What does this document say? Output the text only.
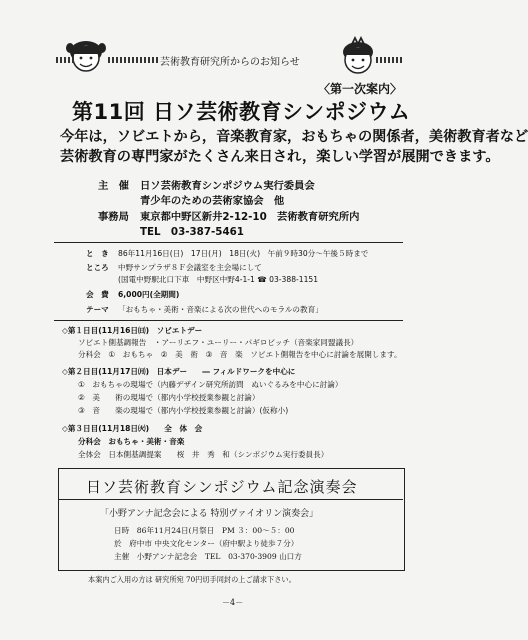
芸術教育研究所からのお知らせ
第11回 日ソ芸術教育シンポジウム
〈第一次案内〉
今年は，ソビエトから，音楽教育家，おもちゃの関係者，美術教育者など
芸術教育の専門家がたくさん来日され，楽しい学習が展開できます。
主　催 日ソ芸術教育シンポジウム実行委員会
青少年のための芸術家協会　他
事務局 東京都中野区新井2-12-10　芸術教育研究所内
TEL　03-387-5461
と　き 86年11月16日(日)　17日(月)　18日(火)　午前９時30分～午後５時まで
ところ 中野サンプラザ８Ｆ会議室を主会場にして
(国電中野駅北口下車　中野区中野4-1-1 ☎ 03-388-1151
会　費 6,000円(全期間)
テーマ 「おもちゃ・美術・音楽による次の世代へのモラルの教育」
◇第１日目(11月16日㈰)　ソビエトデー
ソビエト側基調報告　・アーリエフ・ユーリー・パギロビッチ（音楽家同盟議長）
分科会　①　おもちゃ　②　美　術　③　音　楽　ソビエト側報告を中心に討論を展開します。
◇第２日目(11月17日㈪)　日本デー　　― フィルドワークを中心に
①　おもちゃの現場で（内藤デザイン研究所訪問　ぬいぐるみを中心に討論）
②　美　　術の現場で（都内小学校授業参観と討論）
③　音　　楽の現場で（都内小学校授業参観と討論）(仮称小)
◇第３日目(11月18日㈫)　　全　体　会
分科会　おもちゃ・美術・音楽
全体会　日本側基調提案　　桜　井　秀　和（シンポジウム実行委員長）
日ソ芸術教育シンポジウム記念演奏会
「小野アンナ記念会による 特別ヴァイオリン演奏会」
日時　86年11月24日(月祭日　PM ３：00～５：00
於　府中市 中央文化センター（府中駅より徒歩７分）
主催　小野アンナ記念会　TEL　03-370-3909 山口方
本案内ご入用の方は 研究所宛 70円切手同封の上ご請求下さい。
－4－
